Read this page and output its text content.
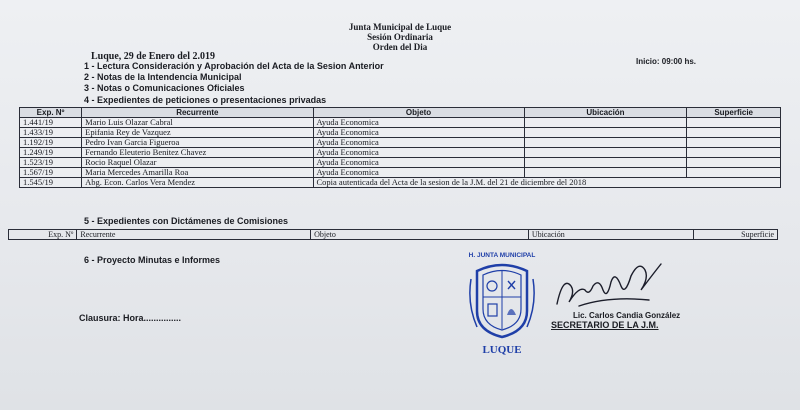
Junta Municipal de Luque
Sesión Ordinaria
Orden del Dia
Luque, 29 de Enero del 2.019	Inicio: 09:00 hs.
1 - Lectura Consideración y Aprobación del Acta de la Sesion Anterior
2 - Notas de la Intendencia Municipal
3 - Notas o Comunicaciones Oficiales
4 - Expedientes de peticiones o presentaciones privadas
Exp. Nº	Recurrente	Objeto	Ubicación	Superficie
1.441/19	Mario Luis Olazar Cabral	Ayuda Economica		
1.433/19	Epifania Rey de Vazquez	Ayuda Economica		
1.192/19	Pedro Ivan Garcia Figueroa	Ayuda Economica		
1.249/19	Fernando Eleuterio Benitez Chavez	Ayuda Economica		
1.523/19	Rocio Raquel Olazar	Ayuda Economica		
1.567/19	Maria Mercedes Amarilla Roa	Ayuda Economica		
1.545/19	Abg. Econ. Carlos Vera Mendez	Copia autenticada del Acta de la sesion de la J.M. del 21 de diciembre del 2018		
5 - Expedientes con Dictámenes de Comisiones
Exp. Nº	Recurrente	Objeto	Ubicación	Superficie
6 - Proyecto Minutas e Informes
Clausura: Hora...............
H. JUNTA MUNICIPAL
LUQUE
Lic. Carlos Candia González
SECRETARIO DE LA J.M.
